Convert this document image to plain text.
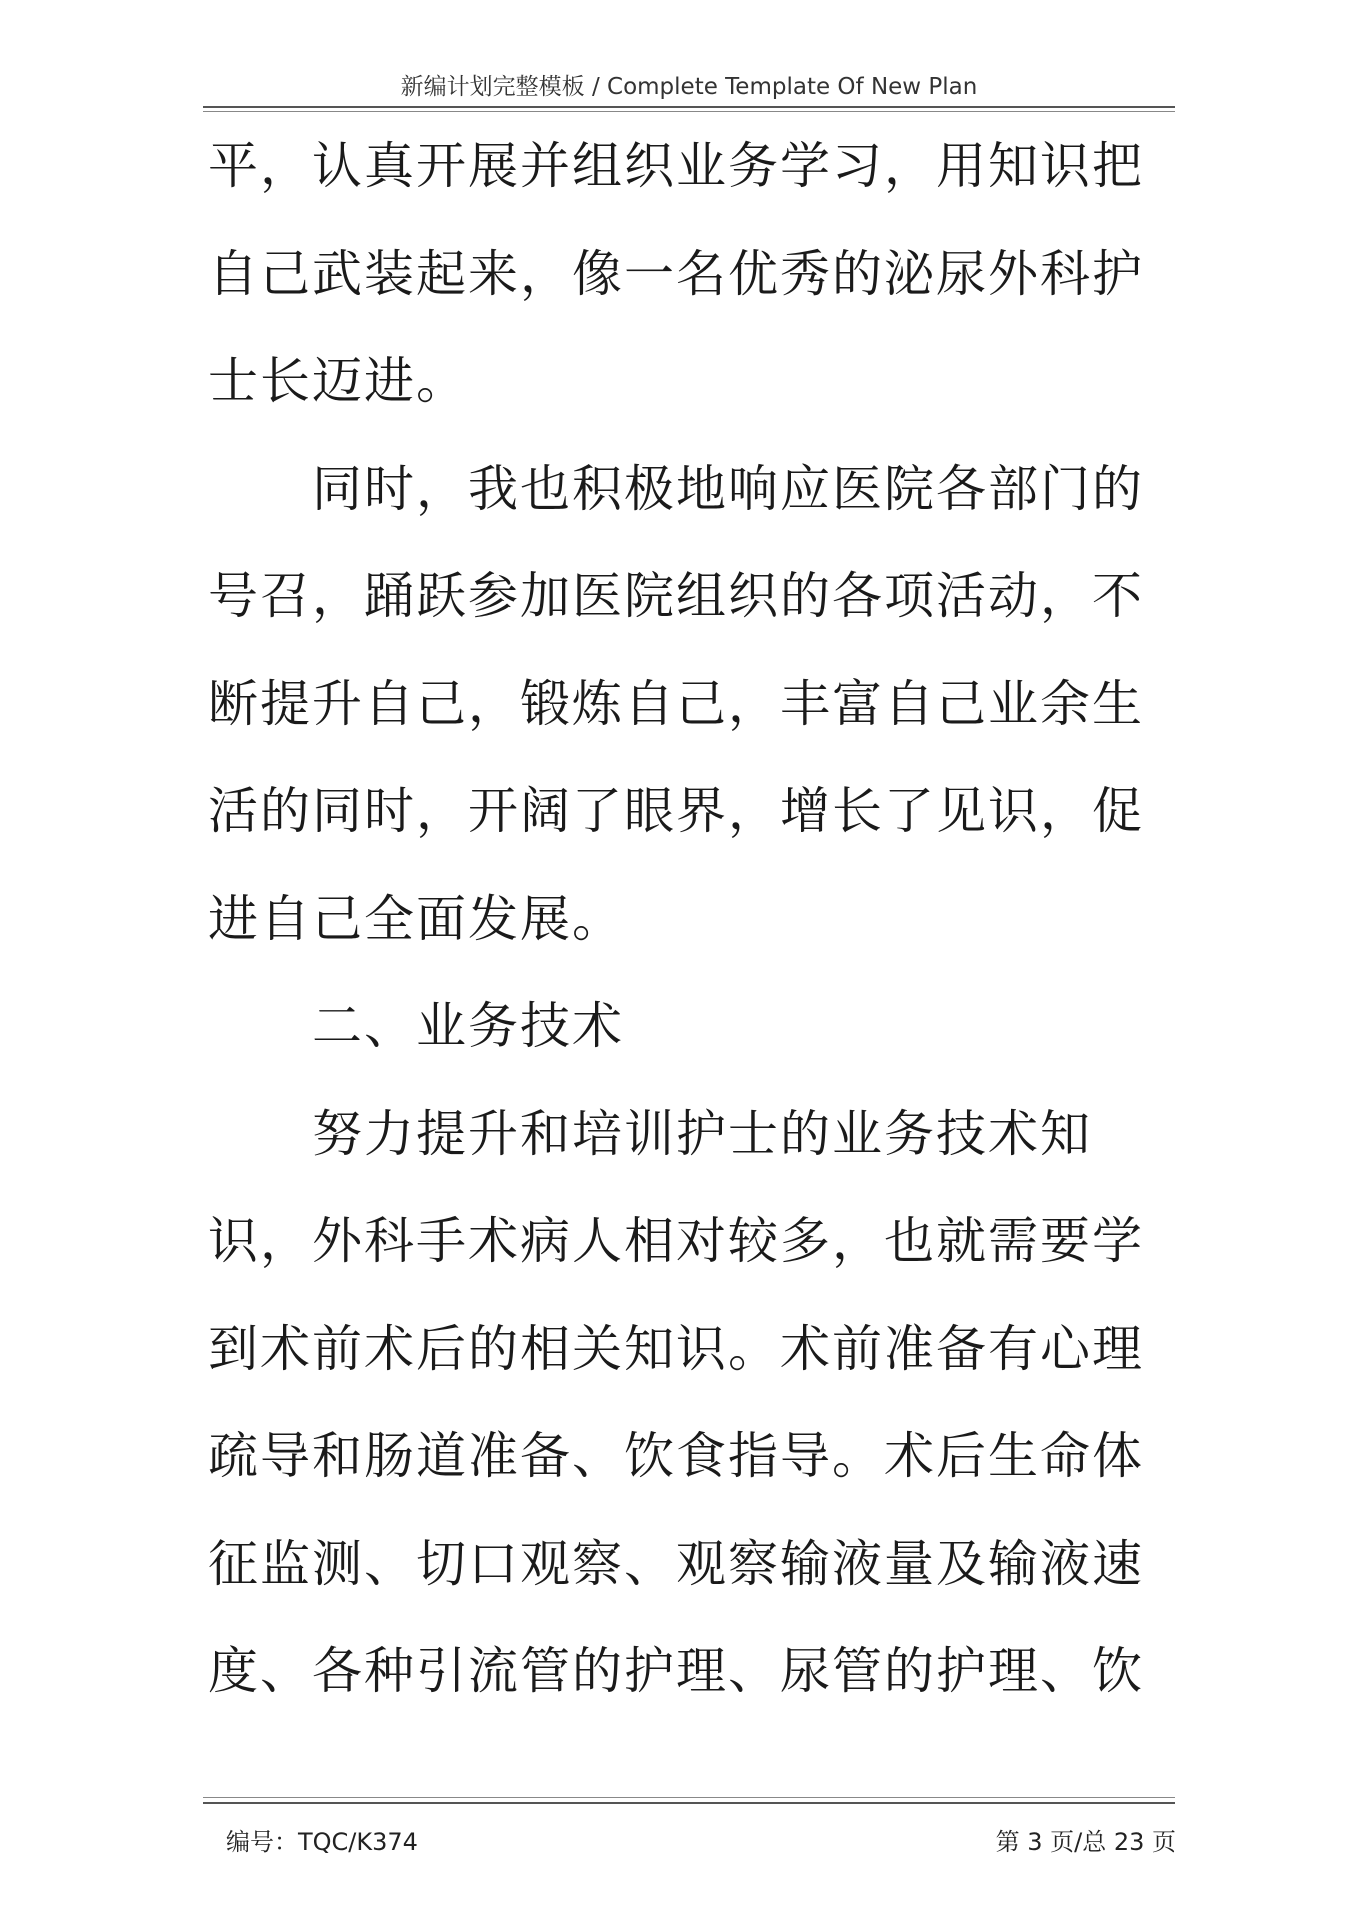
新编计划完整模板 / Complete Template Of New Plan
平，认真开展并组织业务学习，用知识把
自己武装起来，像一名优秀的泌尿外科护
士长迈进。
同时，我也积极地响应医院各部门的
号召，踊跃参加医院组织的各项活动，不
断提升自己，锻炼自己，丰富自己业余生
活的同时，开阔了眼界，增长了见识，促
进自己全面发展。
二、业务技术
努力提升和培训护士的业务技术知
识，外科手术病人相对较多，也就需要学
到术前术后的相关知识。术前准备有心理
疏导和肠道准备、饮食指导。术后生命体
征监测、切口观察、观察输液量及输液速
度、各种引流管的护理、尿管的护理、饮
编号：TQC/K374	第 3 页/总 23 页
